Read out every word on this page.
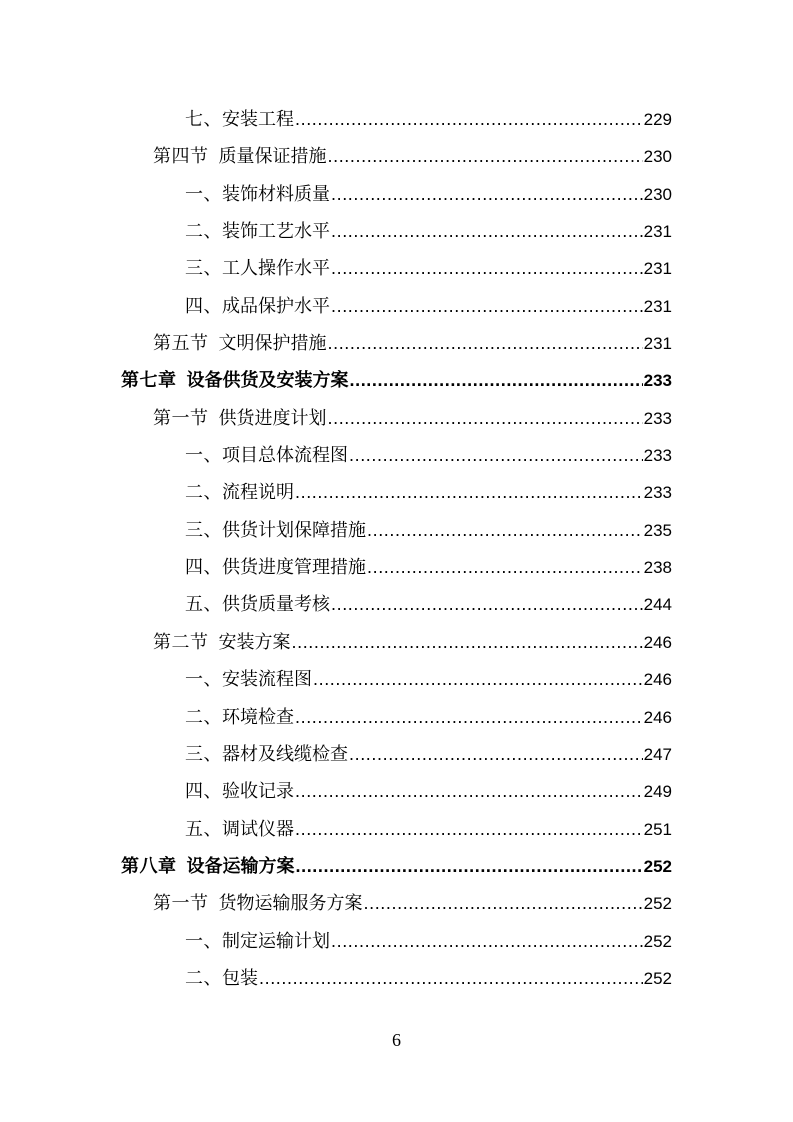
七、安装工程 .....	229
第四节 质量保证措施 .....	230
一、装饰材料质量 .....	230
二、装饰工艺水平 .....	231
三、工人操作水平 .....	231
四、成品保护水平 .....	231
第五节 文明保护措施 .....	231
第七章 设备供货及安装方案 .....	233
第一节 供货进度计划 .....	233
一、项目总体流程图 .....	233
二、流程说明 .....	233
三、供货计划保障措施 .....	235
四、供货进度管理措施 .....	238
五、供货质量考核 .....	244
第二节 安装方案 .....	246
一、安装流程图 .....	246
二、环境检查 .....	246
三、器材及线缆检查 .....	247
四、验收记录 .....	249
五、调试仪器 .....	251
第八章 设备运输方案 .....	252
第一节 货物运输服务方案 .....	252
一、制定运输计划 .....	252
二、包装 .....	252
6
